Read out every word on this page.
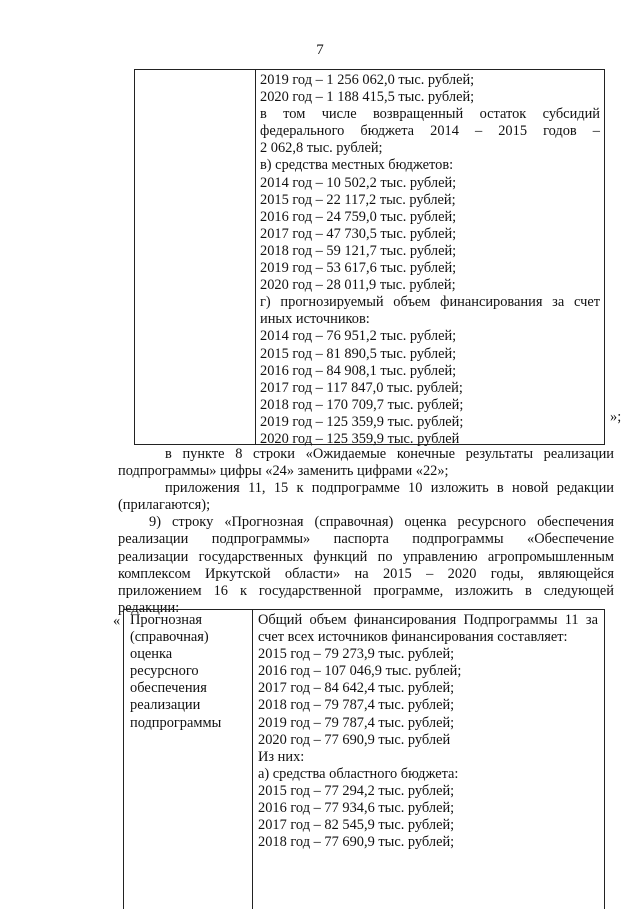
7
2019 год – 1 256 062,0 тыс. рублей;
2020 год – 1 188 415,5 тыс. рублей;
в том числе возвращенный остаток субсидий
федерального бюджета 2014 – 2015 годов –
2 062,8 тыс. рублей;
в) средства местных бюджетов:
2014 год – 10 502,2 тыс. рублей;
2015 год – 22 117,2 тыс. рублей;
2016 год – 24 759,0 тыс. рублей;
2017 год – 47 730,5 тыс. рублей;
2018 год – 59 121,7 тыс. рублей;
2019 год – 53 617,6 тыс. рублей;
2020 год – 28 011,9 тыс. рублей;
г) прогнозируемый объем финансирования за счет
иных источников:
2014 год – 76 951,2 тыс. рублей;
2015 год – 81 890,5 тыс. рублей;
2016 год – 84 908,1 тыс. рублей;
2017 год – 117 847,0 тыс. рублей;
2018 год – 170 709,7 тыс. рублей;
2019 год – 125 359,9 тыс. рублей;
2020 год – 125 359,9 тыс. рублей
»;
в пункте 8 строки «Ожидаемые конечные результаты реализации
подпрограммы» цифры «24» заменить цифрами «22»;
приложения 11, 15 к подпрограмме 10 изложить в новой редакции
(прилагаются);
9) строку «Прогнозная (справочная) оценка ресурсного обеспечения
реализации подпрограммы» паспорта подпрограммы «Обеспечение
реализации государственных функций по управлению агропромышленным
комплексом Иркутской области» на 2015 – 2020 годы, являющейся
приложением 16 к государственной программе, изложить в следующей
редакции:
« Прогнозная
(справочная)
оценка
ресурсного
обеспечения
реализации
подпрограммы
Общий объем финансирования Подпрограммы 11 за
счет всех источников финансирования составляет:
2015 год – 79 273,9 тыс. рублей;
2016 год – 107 046,9 тыс. рублей;
2017 год – 84 642,4 тыс. рублей;
2018 год – 79 787,4 тыс. рублей;
2019 год – 79 787,4 тыс. рублей;
2020 год – 77 690,9 тыс. рублей
Из них:
а) средства областного бюджета:
2015 год – 77 294,2 тыс. рублей;
2016 год – 77 934,6 тыс. рублей;
2017 год – 82 545,9 тыс. рублей;
2018 год – 77 690,9 тыс. рублей;
